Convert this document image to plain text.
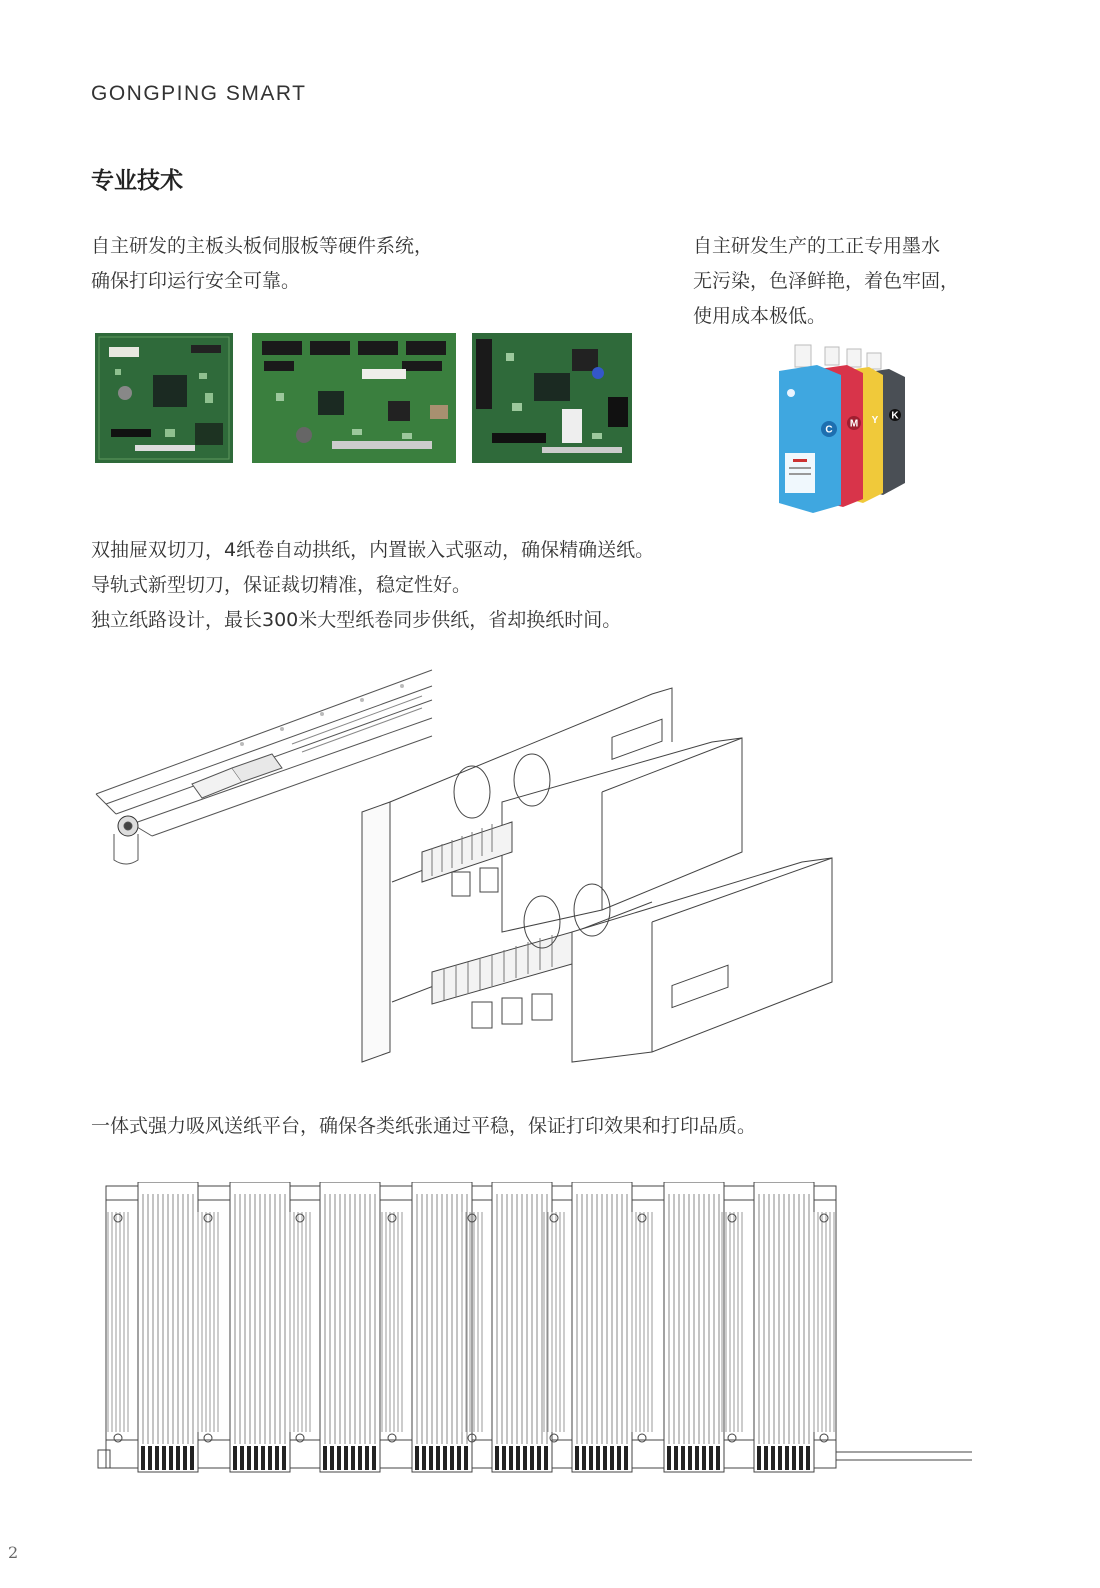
GONGPING SMART
专业技术
自主研发的主板头板伺服板等硬件系统，
确保打印运行安全可靠。
自主研发生产的工正专用墨水
无污染，色泽鲜艳，着色牢固，
使用成本极低。
C
M Y K
双抽屉双切刀，4纸卷自动拱纸，内置嵌入式驱动，确保精确送纸。
导轨式新型切刀，保证裁切精准，稳定性好。
独立纸路设计，最长300米大型纸卷同步供纸，省却换纸时间。
一体式强力吸风送纸平台，确保各类纸张通过平稳，保证打印效果和打印品质。
2
